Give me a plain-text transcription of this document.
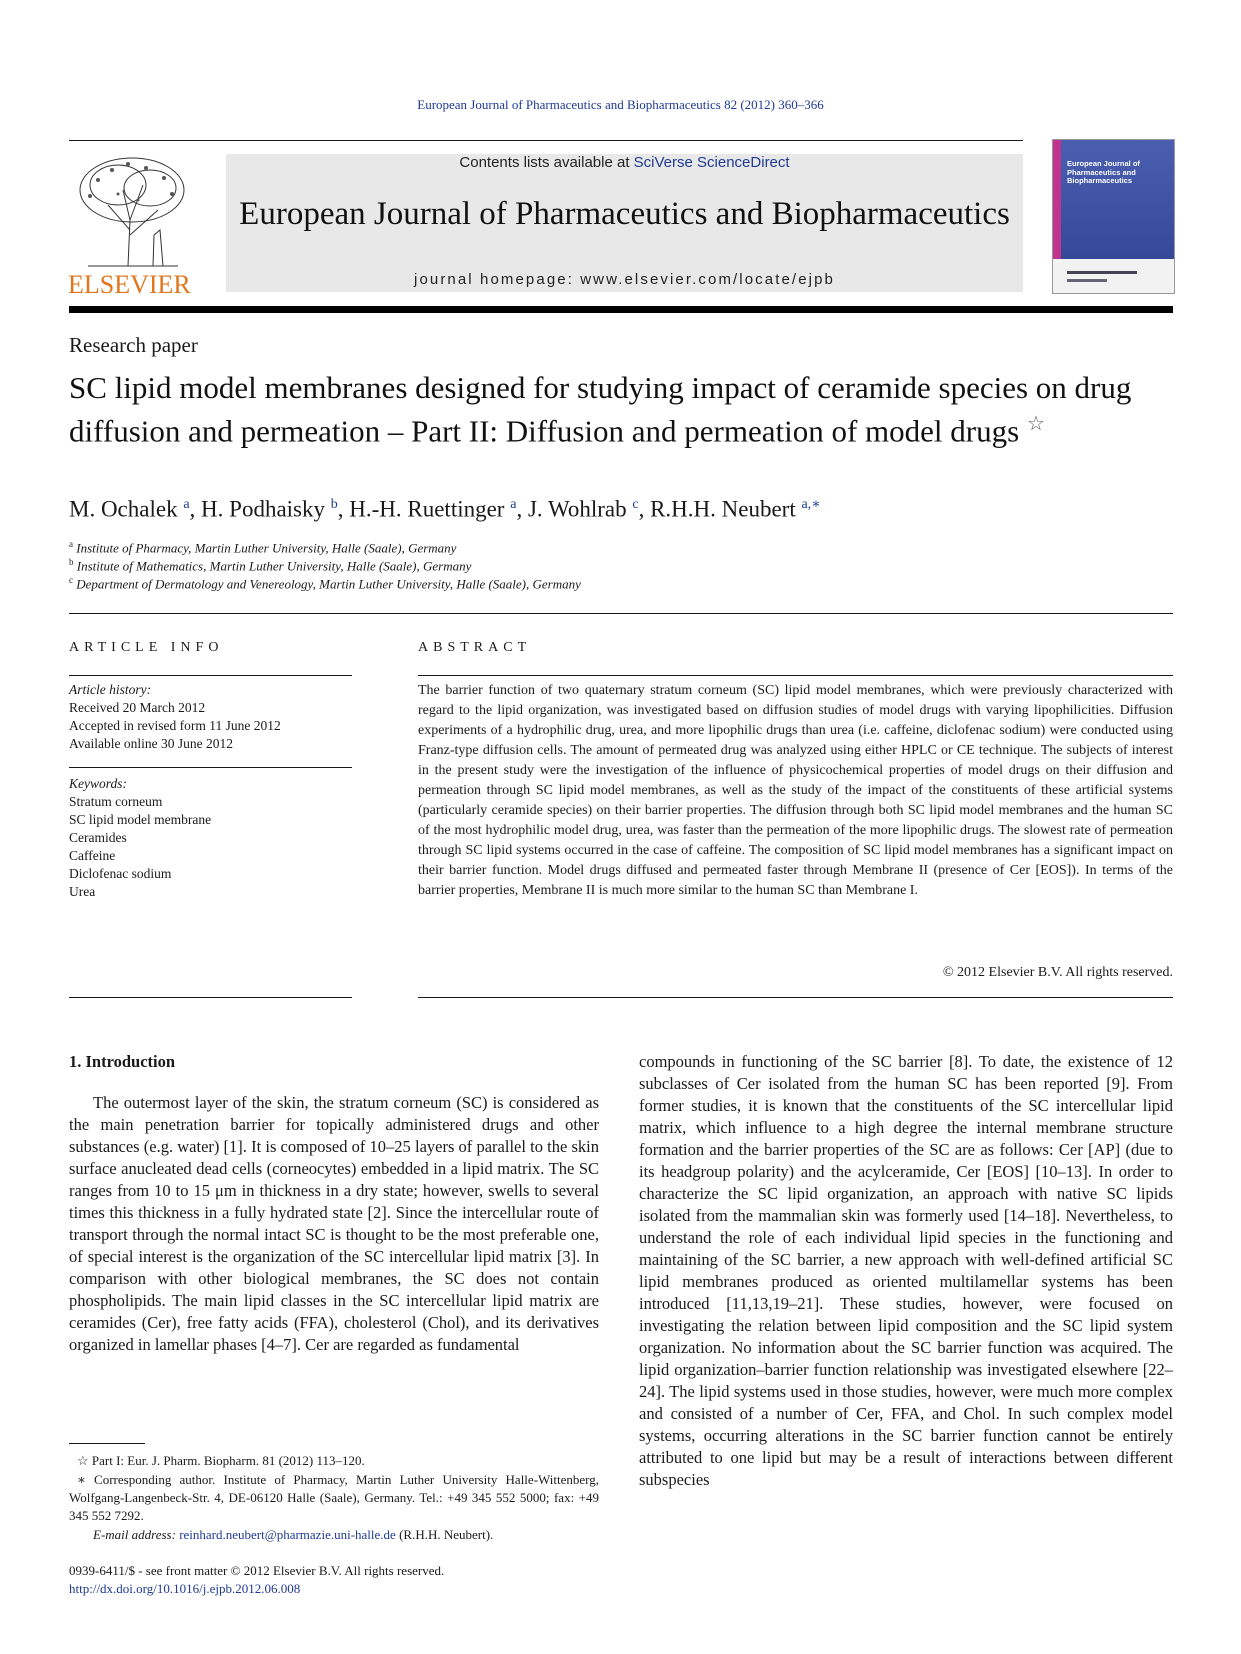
European Journal of Pharmaceutics and Biopharmaceutics 82 (2012) 360–366
ELSEVIER
Contents lists available at SciVerse ScienceDirect
European Journal of Pharmaceutics and Biopharmaceutics
journal homepage: www.elsevier.com/locate/ejpb
European Journal of Pharmaceutics and Biopharmaceutics
Research paper
SC lipid model membranes designed for studying impact of ceramide species on drug diffusion and permeation – Part II: Diffusion and permeation of model drugs ☆
M. Ochalek $^a$, H. Podhaisky $^b$, H.-H. Ruettinger $^a$, J. Wohlrab $^c$, R.H.H. Neubert $^{a,∗}$
$^a$ Institute of Pharmacy, Martin Luther University, Halle (Saale), Germany
$^b$ Institute of Mathematics, Martin Luther University, Halle (Saale), Germany
$^c$ Department of Dermatology and Venereology, Martin Luther University, Halle (Saale), Germany
ARTICLE INFO
Article history:
Received 20 March 2012
Accepted in revised form 11 June 2012
Available online 30 June 2012
Keywords:
Stratum corneum
SC lipid model membrane
Ceramides
Caffeine
Diclofenac sodium
Urea
ABSTRACT
The barrier function of two quaternary stratum corneum (SC) lipid model membranes, which were previously characterized with regard to the lipid organization, was investigated based on diffusion studies of model drugs with varying lipophilicities. Diffusion experiments of a hydrophilic drug, urea, and more lipophilic drugs than urea (i.e. caffeine, diclofenac sodium) were conducted using Franz-type diffusion cells. The amount of permeated drug was analyzed using either HPLC or CE technique. The subjects of interest in the present study were the investigation of the influence of physicochemical properties of model drugs on their diffusion and permeation through SC lipid model membranes, as well as the study of the impact of the constituents of these artificial systems (particularly ceramide species) on their barrier properties. The diffusion through both SC lipid model membranes and the human SC of the most hydrophilic model drug, urea, was faster than the permeation of the more lipophilic drugs. The slowest rate of permeation through SC lipid systems occurred in the case of caffeine. The composition of SC lipid model membranes has a significant impact on their barrier function. Model drugs diffused and permeated faster through Membrane II (presence of Cer [EOS]). In terms of the barrier properties, Membrane II is much more similar to the human SC than Membrane I.
© 2012 Elsevier B.V. All rights reserved.
1. Introduction
The outermost layer of the skin, the stratum corneum (SC) is considered as the main penetration barrier for topically administered drugs and other substances (e.g. water) [1]. It is composed of 10–25 layers of parallel to the skin surface anucleated dead cells (corneocytes) embedded in a lipid matrix. The SC ranges from 10 to 15 μm in thickness in a dry state; however, swells to several times this thickness in a fully hydrated state [2]. Since the intercellular route of transport through the normal intact SC is thought to be the most preferable one, of special interest is the organization of the SC intercellular lipid matrix [3]. In comparison with other biological membranes, the SC does not contain phospholipids. The main lipid classes in the SC intercellular lipid matrix are ceramides (Cer), free fatty acids (FFA), cholesterol (Chol), and its derivatives organized in lamellar phases [4–7]. Cer are regarded as fundamental
compounds in functioning of the SC barrier [8]. To date, the existence of 12 subclasses of Cer isolated from the human SC has been reported [9]. From former studies, it is known that the constituents of the SC intercellular lipid matrix, which influence to a high degree the internal membrane structure formation and the barrier properties of the SC are as follows: Cer [AP] (due to its headgroup polarity) and the acylceramide, Cer [EOS] [10–13]. In order to characterize the SC lipid organization, an approach with native SC lipids isolated from the mammalian skin was formerly used [14–18]. Nevertheless, to understand the role of each individual lipid species in the functioning and maintaining of the SC barrier, a new approach with well-defined artificial SC lipid membranes produced as oriented multilamellar systems has been introduced [11,13,19–21]. These studies, however, were focused on investigating the relation between lipid composition and the SC lipid system organization. No information about the SC barrier function was acquired. The lipid organization–barrier function relationship was investigated elsewhere [22–24]. The lipid systems used in those studies, however, were much more complex and consisted of a number of Cer, FFA, and Chol. In such complex model systems, occurring alterations in the SC barrier function cannot be entirely attributed to one lipid but may be a result of interactions between different subspecies
☆ Part I: Eur. J. Pharm. Biopharm. 81 (2012) 113–120.
∗ Corresponding author. Institute of Pharmacy, Martin Luther University Halle-Wittenberg, Wolfgang-Langenbeck-Str. 4, DE-06120 Halle (Saale), Germany. Tel.: +49 345 552 5000; fax: +49 345 552 7292.
E-mail address: reinhard.neubert@pharmazie.uni-halle.de (R.H.H. Neubert).
0939-6411/$ - see front matter © 2012 Elsevier B.V. All rights reserved.
http://dx.doi.org/10.1016/j.ejpb.2012.06.008
